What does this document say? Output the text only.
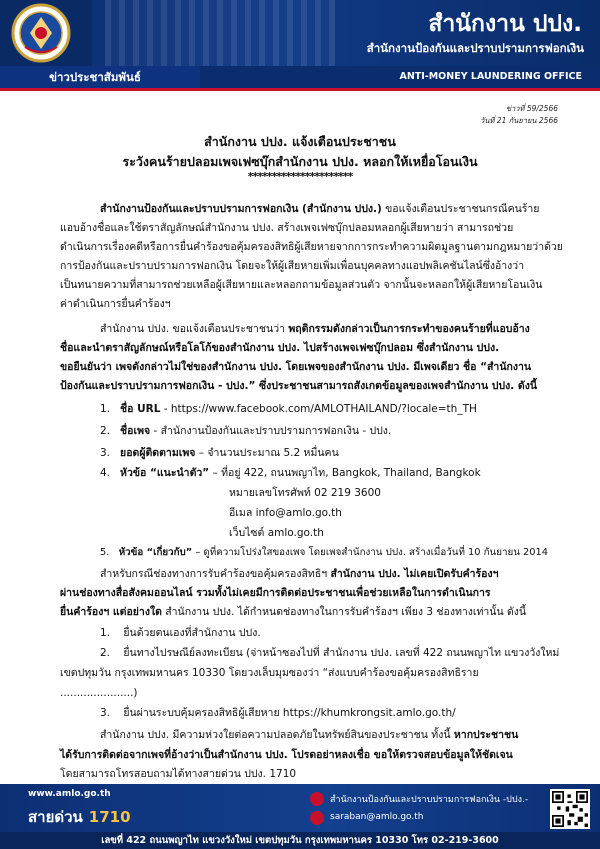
สำนักงาน ปปง.
สำนักงานป้องกันและปราบปรามการฟอกเงิน
ข่าวประชาสัมพันธ์	ANTI-MONEY LAUNDERING OFFICE
ข่าวที่ 59/2566
วันที่ 21 กันยายน 2566
สำนักงาน ปปง. แจ้งเตือนประชาชน
ระวังคนร้ายปลอมเพจเฟซบุ๊กสำนักงาน ปปง. หลอกให้เหยื่อโอนเงิน
**********************
สำนักงานป้องกันและปราบปรามการฟอกเงิน (สำนักงาน ปปง.) ขอแจ้งเตือนประชาชนกรณีคนร้าย
แอบอ้างชื่อและใช้ตราสัญลักษณ์สำนักงาน ปปง. สร้างเพจเฟซบุ๊กปลอมหลอกผู้เสียหายว่า สามารถช่วย
ดำเนินการเรื่องคดีหรือการยื่นคำร้องขอคุ้มครองสิทธิผู้เสียหายจากการกระทำความผิดมูลฐานตามกฎหมายว่าด้วย
การป้องกันและปราบปรามการฟอกเงิน โดยจะให้ผู้เสียหายเพิ่มเพื่อนบุคคลทางแอปพลิเคชันไลน์ซึ่งอ้างว่า
เป็นทนายความที่สามารถช่วยเหลือผู้เสียหายและหลอกถามข้อมูลส่วนตัว จากนั้นจะหลอกให้ผู้เสียหายโอนเงิน
ค่าดำเนินการยื่นคำร้องฯ
สำนักงาน ปปง. ขอแจ้งเตือนประชาชนว่า พฤติกรรมดังกล่าวเป็นการกระทำของคนร้ายที่แอบอ้าง
ชื่อและนำตราสัญลักษณ์หรือโลโก้ของสำนักงาน ปปง. ไปสร้างเพจเฟซบุ๊กปลอม ซึ่งสำนักงาน ปปง.
ขอยืนยันว่า เพจดังกล่าวไม่ใช่ของสำนักงาน ปปง. โดยเพจของสำนักงาน ปปง. มีเพจเดียว ชื่อ “สำนักงาน
ป้องกันและปราบปรามการฟอกเงิน - ปปง.” ซึ่งประชาชนสามารถสังเกตข้อมูลของเพจสำนักงาน ปปง. ดังนี้
1. ชื่อ URL - https://www.facebook.com/AMLOTHAILAND/?locale=th_TH
2. ชื่อเพจ - สำนักงานป้องกันและปราบปรามการฟอกเงิน - ปปง.
3. ยอดผู้ติดตามเพจ – จำนวนประมาณ 5.2 หมื่นคน
4. หัวข้อ “แนะนำตัว” – ที่อยู่ 422, ถนนพญาไท, Bangkok, Thailand, Bangkok
หมายเลขโทรศัพท์ 02 219 3600
อีเมล info@amlo.go.th
เว็บไซต์ amlo.go.th
5. หัวข้อ “เกี่ยวกับ” – ดูที่ความโปร่งใสของเพจ โดยเพจสำนักงาน ปปง. สร้างเมื่อวันที่ 10 กันยายน 2014
สำหรับกรณีช่องทางการรับคำร้องขอคุ้มครองสิทธิฯ สำนักงาน ปปง. ไม่เคยเปิดรับคำร้องฯ
ผ่านช่องทางสื่อสังคมออนไลน์ รวมทั้งไม่เคยมีการติดต่อประชาชนเพื่อช่วยเหลือในการดำเนินการ
ยื่นคำร้องฯ แต่อย่างใด สำนักงาน ปปง. ได้กำหนดช่องทางในการรับคำร้องฯ เพียง 3 ช่องทางเท่านั้น ดังนี้
1.    ยื่นด้วยตนเองที่สำนักงาน ปปง.
2.    ยื่นทางไปรษณีย์ลงทะเบียน (จ่าหน้าซองไปที่ สำนักงาน ปปง. เลขที่ 422 ถนนพญาไท แขวงวังใหม่
เขตปทุมวัน กรุงเทพมหานคร 10330 โดยวงเล็บมุมซองว่า “ส่งแบบคำร้องขอคุ้มครองสิทธิราย
......................)
3.    ยื่นผ่านระบบคุ้มครองสิทธิผู้เสียหาย https://khumkrongsit.amlo.go.th/
สำนักงาน ปปง. มีความห่วงใยต่อความปลอดภัยในทรัพย์สินของประชาชน ทั้งนี้ หากประชาชน
ได้รับการติดต่อจากเพจที่อ้างว่าเป็นสำนักงาน ปปง. โปรดอย่าหลงเชื่อ ขอให้ตรวจสอบข้อมูลให้ชัดเจน
โดยสามารถโทรสอบถามได้ทางสายด่วน ปปง. 1710
www.amlo.go.th
สายด่วน 1710
สำนักงานป้องกันและปราบปรามการฟอกเงิน -ปปง.-
saraban@amlo.go.th
เลขที่ 422 ถนนพญาไท แขวงวังใหม่ เขตปทุมวัน กรุงเทพมหานคร 10330 โทร 02-219-3600
